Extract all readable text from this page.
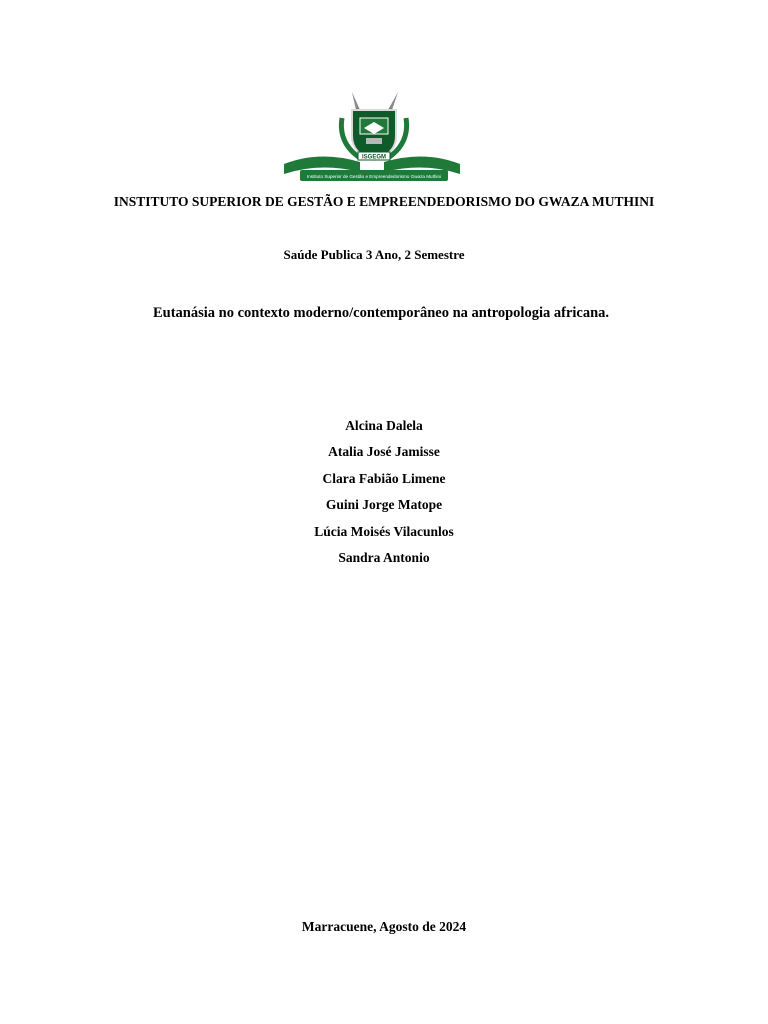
ISGEGM
Instituto Superior de Gestão e Empreendedorismo Gwaza Muthini
INSTITUTO SUPERIOR DE GESTÃO E EMPREENDEDORISMO DO GWAZA MUTHINI
Saúde Publica 3 Ano, 2 Semestre
Eutanásia no contexto moderno/contemporâneo na antropologia africana.
Alcina Dalela
Atalia José Jamisse
Clara Fabião Limene
Guini Jorge Matope
Lúcia Moisés Vilacunlos
Sandra Antonio
Marracuene, Agosto de 2024
